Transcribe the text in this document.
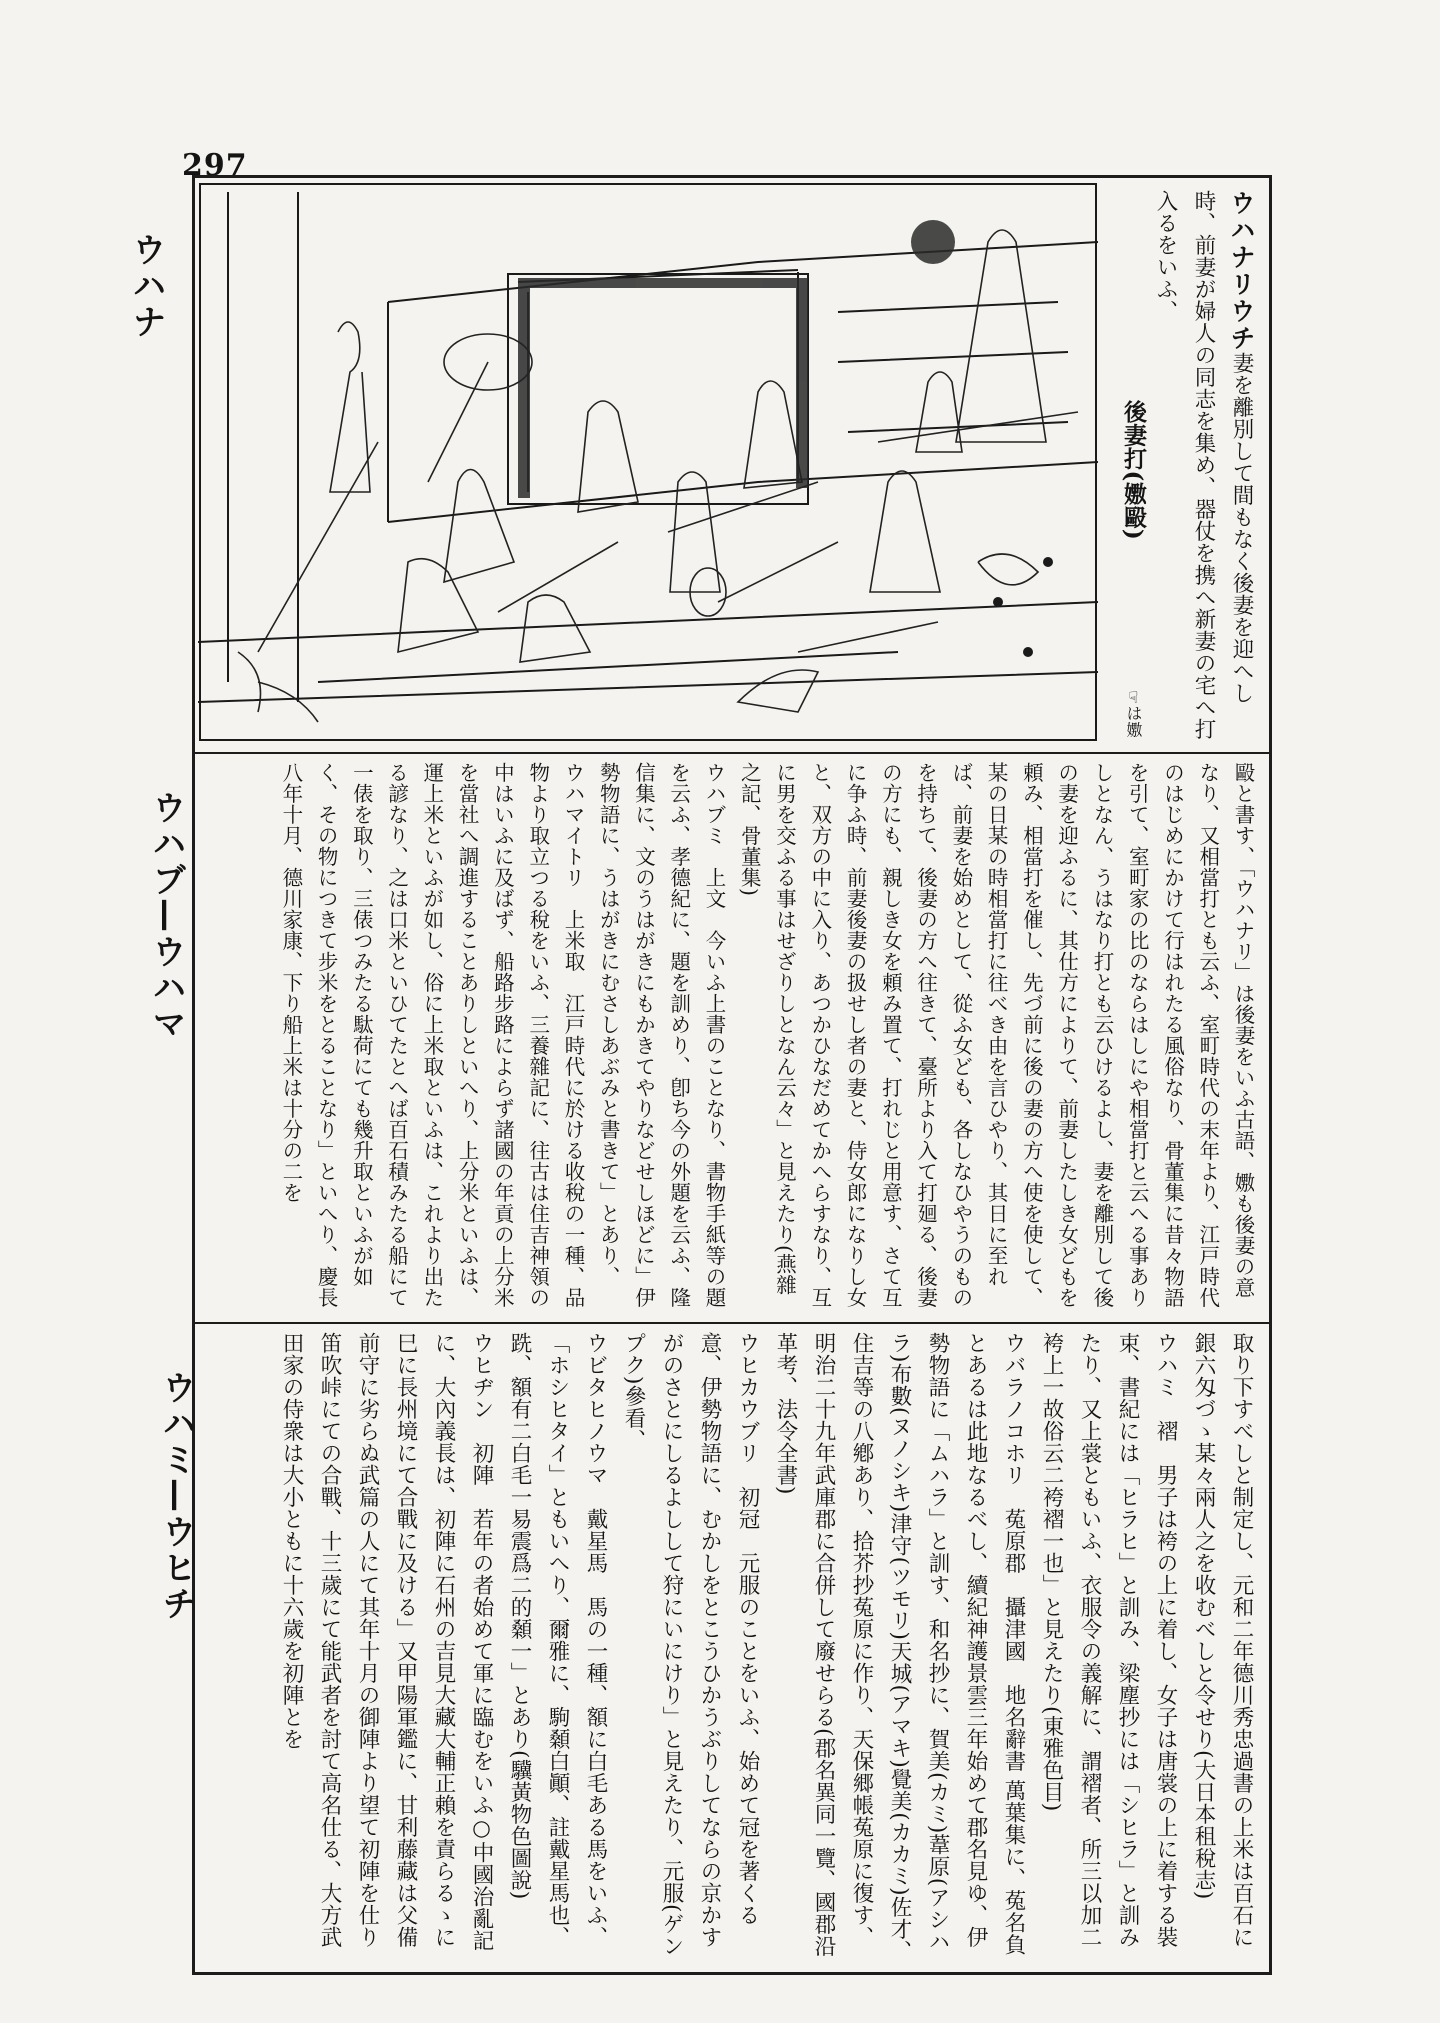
297
ウハナ
ウハブ—ウハマ
ウハミ—ウヒチ
ウハナリウチ妻を離別して間もなく後妻を迎へし時、前妻が婦人の同志を集め、器仗を携へ新妻の宅へ打入るをいふ、
後妻打(嫐毆)
☞は嫐

毆と書す、「ウハナリ」は後妻をいふ古語、嫐も後妻の意なり、又相當打とも云ふ、室町時代の末年より、江戸時代のはじめにかけて行はれたる風俗なり、骨董集に昔々物語を引て、室町家の比のならはしにや相當打と云へる事ありしとなん、うはなり打とも云ひけるよし、妻を離別して後の妻を迎ふるに、其仕方によりて、前妻したしき女どもを頼み、相當打を催し、先づ前に後の妻の方へ使を使して、某の日某の時相當打に往べき由を言ひやり、其日に至れば、前妻を始めとして、從ふ女ども、各しなひやうのものを持ちて、後妻の方へ往きて、臺所より入て打廻る、後妻の方にも、親しき女を頼み置て、打れじと用意す、さて互に争ふ時、前妻後妻の扱せし者の妻と、侍女郎になりし女と、双方の中に入り、あつかひなだめてかへらすなり、互に男を交ふる事はせざりしとなん云々」と見えたり(燕雜之記、骨董集)

ウハブミ　上文　今いふ上書のことなり、書物手紙等の題を云ふ、孝德紀に、題を訓めり、卽ち今の外題を云ふ、隆信集に、文のうはがきにもかきてやりなどせしほどに」伊勢物語に、うはがきにむさしあぶみと書きて」とあり、

ウハマイトリ　上米取　江戸時代に於ける收稅の一種、品物より取立つる稅をいふ、三養雜記に、往古は住吉神領の中はいふに及ばず、船路步路によらず諸國の年貢の上分米を當社へ調進することありしといへり、上分米といふは、運上米といふが如し、俗に上米取といふは、これより出たる諺なり、之は口米といひてたとへば百石積みたる船にて一俵を取り、三俵つみたる駄荷にても幾升取といふが如く、その物につきて步米をとることなり」といへり、慶長八年十月、德川家康、下り船上米は十分の二を

取り下すべしと制定し、元和二年德川秀忠過書の上米は百石に銀六匁づゝ某々兩人之を收むべしと令せり(大日本租稅志)

ウハミ　褶　男子は袴の上に着し、女子は唐裳の上に着する裝束、書紀には「ヒラヒ」と訓み、梁塵抄には「シヒラ」と訓みたり、又上裳ともいふ、衣服令の義解に、謂褶者、所三以加二袴上一故俗云二袴褶一也」と見えたり(東雅色目)

ウバラノコホリ　菟原郡　攝津國　地名辭書 萬葉集に、菟名負とあるは此地なるべし、續紀神護景雲三年始めて郡名見ゆ、伊勢物語に「ムハラ」と訓す、和名抄に、賀美(カミ)葦原(アシハラ)布數(ヌノシキ)津守(ツモリ)天城(アマキ)覺美(カカミ)佐才、住吉等の八鄕あり、拾芥抄菟原に作り、天保郷帳菟原に復す、明治二十九年武庫郡に合併して廢せらる(郡名異同一覽、國郡沿革考、法令全書)

ウヒカウブリ　初冠　元服のことをいふ、始めて冠を著くる意、伊勢物語に、むかしをとこうひかうぶりしてならの京かすがのさとにしるよしして狩にいにけり」と見えたり、元服(ゲンプク)參看、

ウビタヒノウマ　戴星馬　馬の一種、額に白毛ある馬をいふ、「ホシヒタイ」ともいへり、爾雅に、駒顙白顚、註戴星馬也、跣、額有二白毛一易震爲二的顙一」とあり(驥黃物色圖說)

ウヒヂン　初陣　若年の者始めて軍に臨むをいふ○中國治亂記に、大內義長は、初陣に石州の吉見大藏大輔正賴を責らるゝに巳に長州境にて合戰に及ける」又甲陽軍鑑に、甘利藤藏は父備前守に劣らぬ武篇の人にて其年十月の御陣より望て初陣を仕り笛吹峠にての合戰、十三歲にて能武者を討て高名仕る、大方武田家の侍衆は大小ともに十六歲を初陣とを
